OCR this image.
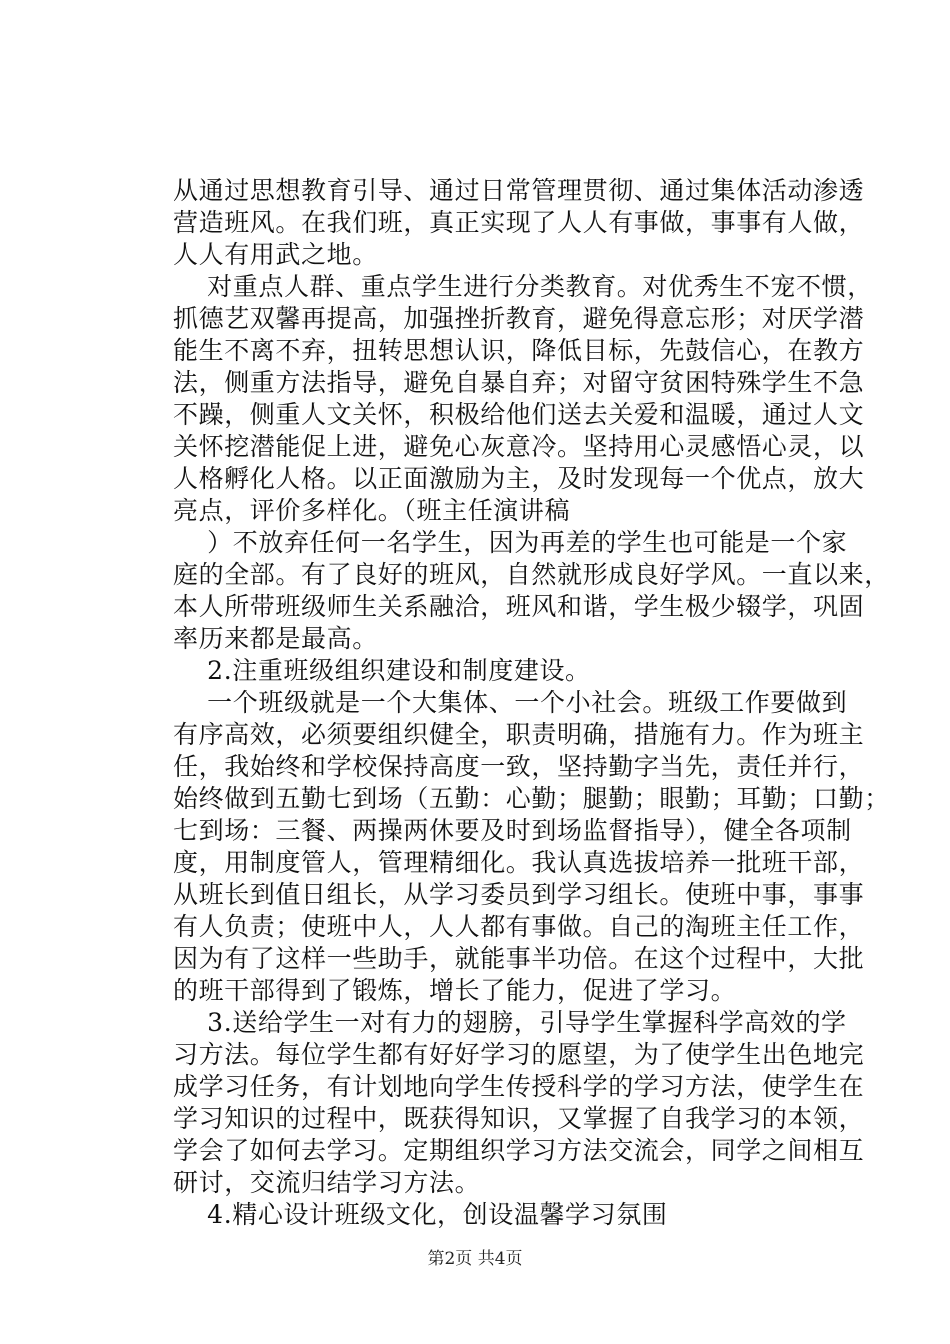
从通过思想教育引导、通过日常管理贯彻、通过集体活动渗透
营造班风。在我们班，真正实现了人人有事做，事事有人做，
人人有用武之地。
对重点人群、重点学生进行分类教育。对优秀生不宠不惯，
抓德艺双馨再提高，加强挫折教育，避免得意忘形；对厌学潜
能生不离不弃，扭转思想认识，降低目标，先鼓信心，在教方
法，侧重方法指导，避免自暴自弃；对留守贫困特殊学生不急
不躁，侧重人文关怀，积极给他们送去关爱和温暖，通过人文
关怀挖潜能促上进，避免心灰意冷。坚持用心灵感悟心灵，以
人格孵化人格。以正面激励为主，及时发现每一个优点，放大
亮点，评价多样化。（班主任演讲稿
）不放弃任何一名学生，因为再差的学生也可能是一个家
庭的全部。有了良好的班风，自然就形成良好学风。一直以来，
本人所带班级师生关系融洽，班风和谐，学生极少辍学，巩固
率历来都是最高。
2.注重班级组织建设和制度建设。
一个班级就是一个大集体、一个小社会。班级工作要做到
有序高效，必须要组织健全，职责明确，措施有力。作为班主
任，我始终和学校保持高度一致，坚持勤字当先，责任并行，
始终做到五勤七到场（五勤：心勤；腿勤；眼勤；耳勤；口勤；
七到场：三餐、两操两休要及时到场监督指导），健全各项制
度，用制度管人，管理精细化。我认真选拔培养一批班干部，
从班长到值日组长，从学习委员到学习组长。使班中事，事事
有人负责；使班中人，人人都有事做。自己的淘班主任工作，
因为有了这样一些助手，就能事半功倍。在这个过程中，大批
的班干部得到了锻炼，增长了能力，促进了学习。
3.送给学生一对有力的翅膀，引导学生掌握科学高效的学
习方法。每位学生都有好好学习的愿望，为了使学生出色地完
成学习任务，有计划地向学生传授科学的学习方法，使学生在
学习知识的过程中，既获得知识，又掌握了自我学习的本领，
学会了如何去学习。定期组织学习方法交流会，同学之间相互
研讨，交流归结学习方法。
4.精心设计班级文化，创设温馨学习氛围
第2页 共4页
